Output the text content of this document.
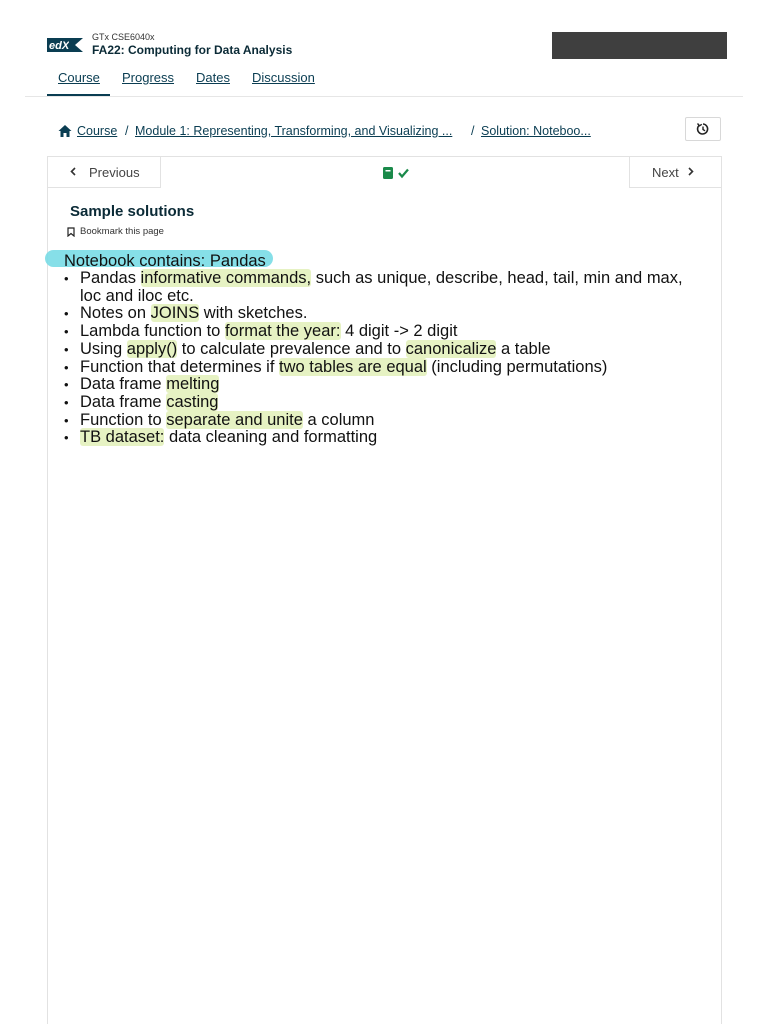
edX
GTx CSE6040x
FA22: Computing for Data Analysis
Course	Progress Dates Discussion
Course / Module 1: Representing, Transforming, and Visualizing ... / Solution: Noteboo...
Previous	Next
Sample solutions
Bookmark this page
Notebook contains: Pandas
• Pandas informative commands, such as unique, describe, head, tail, min and max, loc and iloc etc.
• Notes on JOINS with sketches.
• Lambda function to format the year: 4 digit -> 2 digit
• Using apply() to calculate prevalence and to canonicalize a table
• Function that determines if two tables are equal (including permutations)
• Data frame melting
• Data frame casting
• Function to separate and unite a column
• TB dataset: data cleaning and formatting
